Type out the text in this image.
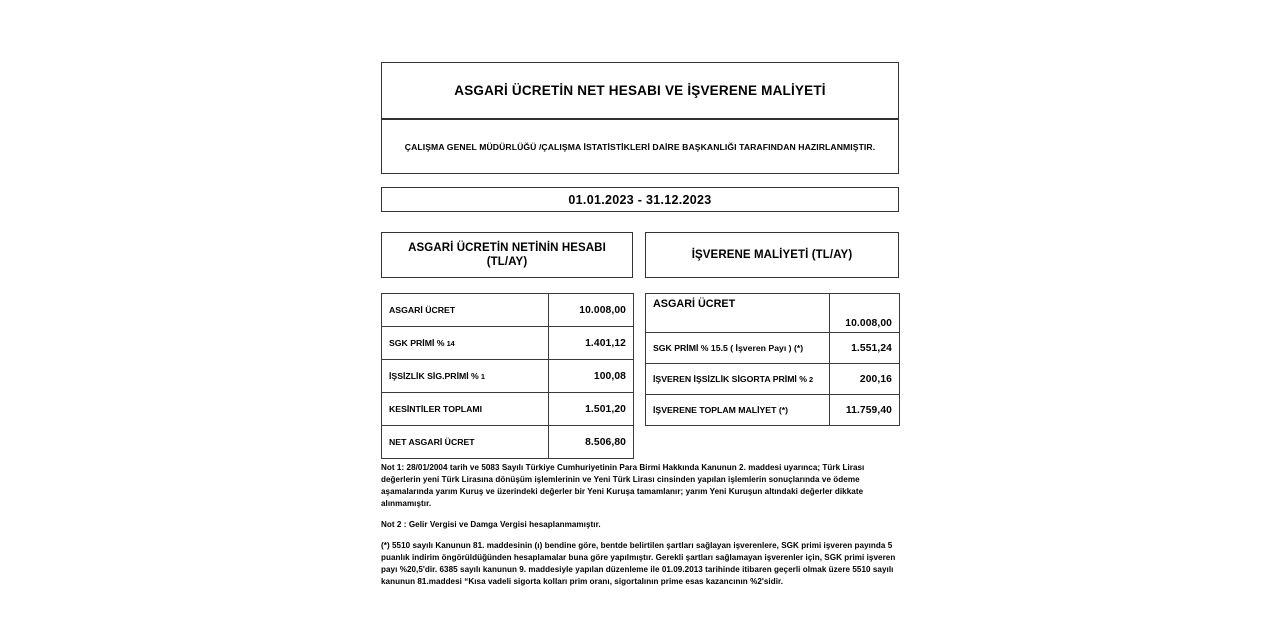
ASGARİ ÜCRETİN NET HESABI VE İŞVERENE MALİYETİ
ÇALIŞMA GENEL MÜDÜRLÜĞÜ /ÇALIŞMA İSTATİSTİKLERİ DAİRE BAŞKANLIĞI TARAFINDAN HAZIRLANMIŞTIR.
01.01.2023 - 31.12.2023
ASGARİ ÜCRETİN NETİNİN HESABI
(TL/AY)
İŞVERENE MALİYETİ (TL/AY)
ASGARİ ÜCRET	10.008,00
SGK PRİMİ % 14	1.401,12
İŞSİZLİK SİG.PRİMİ % 1	100,08
KESİNTİLER TOPLAMI	1.501,20
NET ASGARİ ÜCRET	8.506,80
ASGARİ ÜCRET	10.008,00
SGK PRİMİ % 15.5 ( İşveren Payı ) (*)	1.551,24
İŞVEREN İŞSİZLİK SİGORTA PRİMİ % 2	200,16
İŞVERENE TOPLAM MALİYET (*)	11.759,40

Not 1: 28/01/2004 tarih ve 5083 Sayılı Türkiye Cumhuriyetinin Para Birmi Hakkında Kanunun 2. maddesi uyarınca; Türk Lirası değerlerin yeni Türk Lirasına dönüşüm işlemlerinin ve Yeni Türk Lirası cinsinden yapılan işlemlerin sonuçlarında ve ödeme aşamalarında yarım Kuruş ve üzerindeki değerler bir Yeni Kuruşa tamamlanır; yarım Yeni Kuruşun altındaki değerler dikkate alınmamıştır.

Not 2 : Gelir Vergisi ve Damga Vergisi hesaplanmamıştır.

(*) 5510 sayılı Kanunun 81. maddesinin (ı) bendine göre, bentde belirtilen şartları sağlayan işverenlere, SGK primi işveren payında 5 puanlık indirim öngörüldüğünden hesaplamalar buna göre yapılmıştır. Gerekli şartları sağlamayan işverenler için, SGK primi işveren payı %20,5'dir. 6385 sayılı kanunun 9. maddesiyle yapılan düzenleme ile 01.09.2013 tarihinde itibaren geçerli olmak üzere 5510 sayılı kanunun 81.maddesi “Kısa vadeli sigorta kolları prim oranı, sigortalının prime esas kazancının %2'sidir.
